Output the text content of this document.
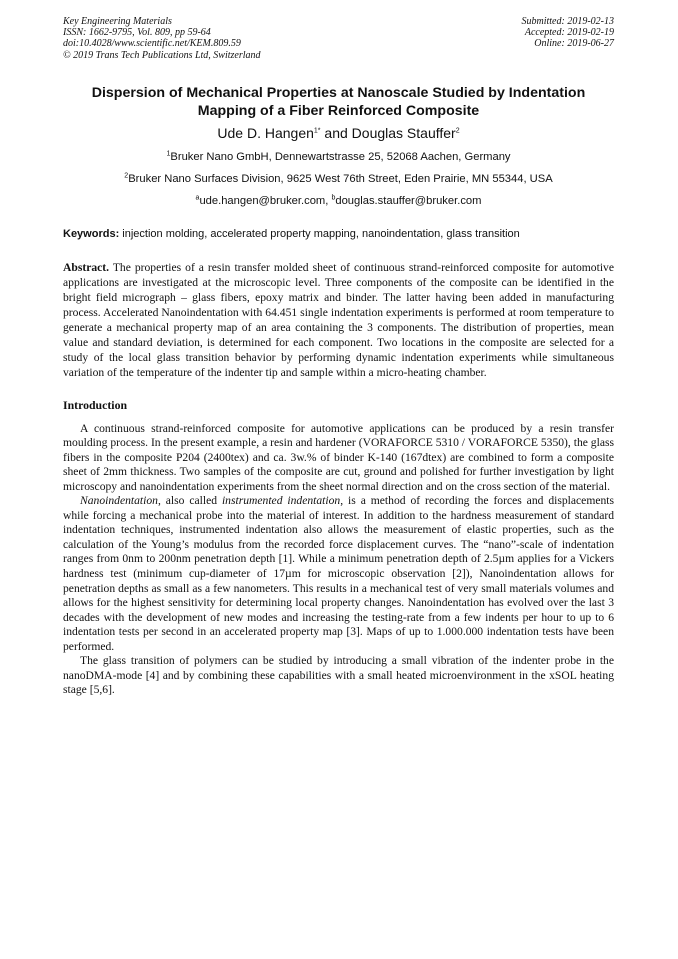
Key Engineering Materials
ISSN: 1662-9795, Vol. 809, pp 59-64
doi:10.4028/www.scientific.net/KEM.809.59
© 2019 Trans Tech Publications Ltd, Switzerland
Submitted: 2019-02-13
Accepted: 2019-02-19
Online: 2019-06-27
Dispersion of Mechanical Properties at Nanoscale Studied by Indentation
Mapping of a Fiber Reinforced Composite
Ude D. Hangen$^{1*}$ and Douglas Stauffer$^2$
$^1$Bruker Nano GmbH, Dennewartstrasse 25, 52068 Aachen, Germany
$^2$Bruker Nano Surfaces Division, 9625 West 76th Street, Eden Prairie, MN 55344, USA
$^a$ude.hangen@bruker.com, $^b$douglas.stauffer@bruker.com
Keywords: injection molding, accelerated property mapping, nanoindentation, glass transition
Abstract. The properties of a resin transfer molded sheet of continuous strand-reinforced composite for automotive applications are investigated at the microscopic level. Three components of the composite can be identified in the bright field micrograph – glass fibers, epoxy matrix and binder. The latter having been added in manufacturing process. Accelerated Nanoindentation with 64.451 single indentation experiments is performed at room temperature to generate a mechanical property map of an area containing the 3 components. The distribution of properties, mean value and standard deviation, is determined for each component. Two locations in the composite are selected for a study of the local glass transition behavior by performing dynamic indentation experiments while simultaneous variation of the temperature of the indenter tip and sample within a micro-heating chamber.
Introduction

A continuous strand-reinforced composite for automotive applications can be produced by a resin transfer moulding process. In the present example, a resin and hardener (VORAFORCE 5310 / VORAFORCE 5350), the glass fibers in the composite P204 (2400tex) and ca. 3w.% of binder K-140 (167dtex) are combined to form a composite sheet of 2mm thickness. Two samples of the composite are cut, ground and polished for further investigation by light microscopy and nanoindentation experiments from the sheet normal direction and on the cross section of the material.

Nanoindentation, also called instrumented indentation, is a method of recording the forces and displacements while forcing a mechanical probe into the material of interest. In addition to the hardness measurement of standard indentation techniques, instrumented indentation also allows the measurement of elastic properties, such as the calculation of the Young’s modulus from the recorded force displacement curves. The “nano”-scale of indentation ranges from 0nm to 200nm penetration depth [1]. While a minimum penetration depth of 2.5µm applies for a Vickers hardness test (minimum cup-diameter of 17µm for microscopic observation [2]), Nanoindentation allows for penetration depths as small as a few nanometers. This results in a mechanical test of very small materials volumes and allows for the highest sensitivity for determining local property changes. Nanoindentation has evolved over the last 3 decades with the development of new modes and increasing the testing-rate from a few indents per hour to up to 6 indentation tests per second in an accelerated property map [3]. Maps of up to 1.000.000 indentation tests have been performed.

The glass transition of polymers can be studied by introducing a small vibration of the indenter probe in the nanoDMA-mode [4] and by combining these capabilities with a small heated microenvironment in the xSOL heating stage [5,6].
